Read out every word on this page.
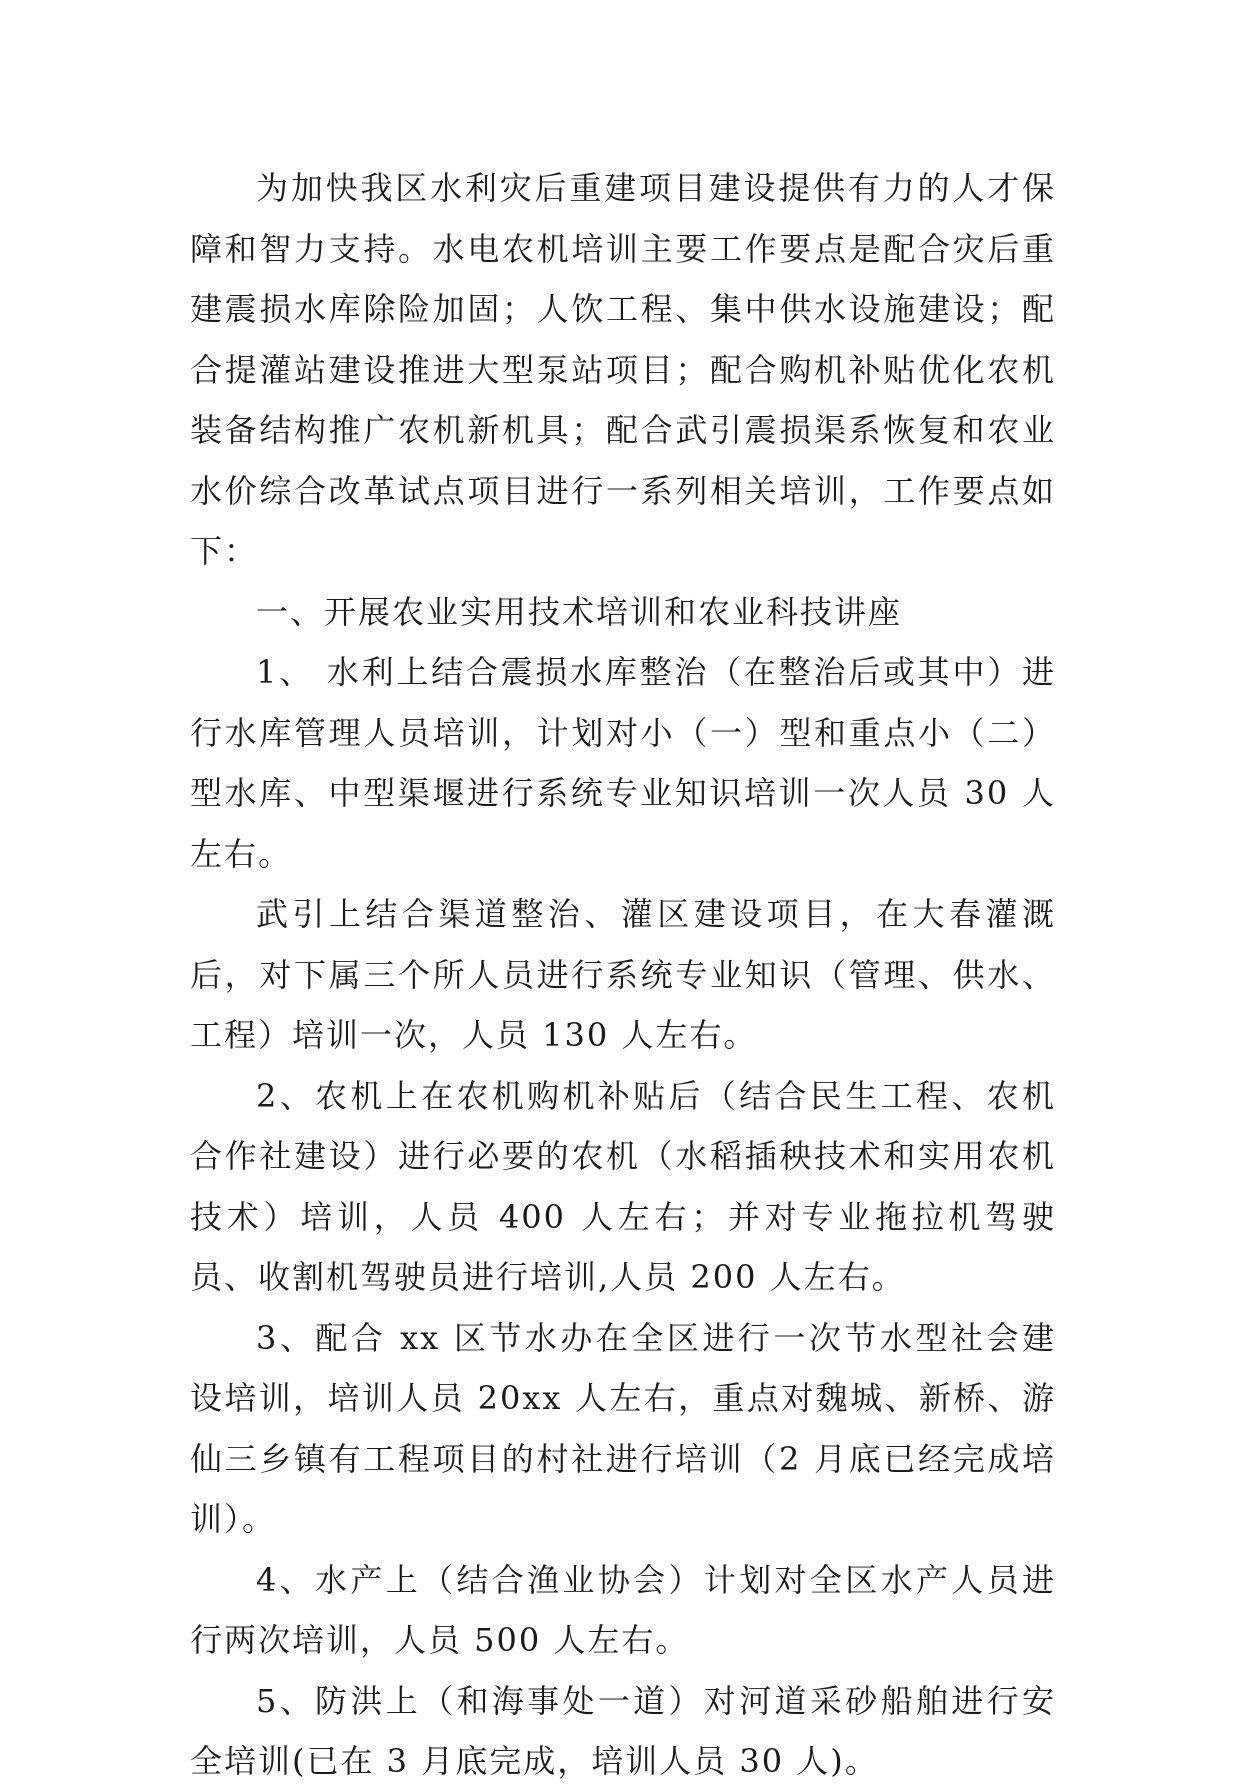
为加快我区水利灾后重建项目建设提供有力的人才保障和智力支持。水电农机培训主要工作要点是配合灾后重建震损水库除险加固；人饮工程、集中供水设施建设；配合提灌站建设推进大型泵站项目；配合购机补贴优化农机装备结构推广农机新机具；配合武引震损渠系恢复和农业水价综合改革试点项目进行一系列相关培训，工作要点如下：

一、开展农业实用技术培训和农业科技讲座

1、 水利上结合震损水库整治（在整治后或其中）进行水库管理人员培训，计划对小（一）型和重点小（二）型水库、中型渠堰进行系统专业知识培训一次人员 30 人左右。

武引上结合渠道整治、灌区建设项目，在大春灌溉后，对下属三个所人员进行系统专业知识（管理、供水、工程）培训一次，人员 130 人左右。

2、农机上在农机购机补贴后（结合民生工程、农机合作社建设）进行必要的农机（水稻插秧技术和实用农机技术）培训，人员 400 人左右；并对专业拖拉机驾驶员、收割机驾驶员进行培训,人员 200 人左右。

3、配合 xx 区节水办在全区进行一次节水型社会建设培训，培训人员 20xx 人左右，重点对魏城、新桥、游仙三乡镇有工程项目的村社进行培训（2 月底已经完成培训）。

4、水产上（结合渔业协会）计划对全区水产人员进行两次培训，人员 500 人左右。

5、防洪上（和海事处一道）对河道采砂船舶进行安全培训(已在 3 月底完成，培训人员 30 人)。
